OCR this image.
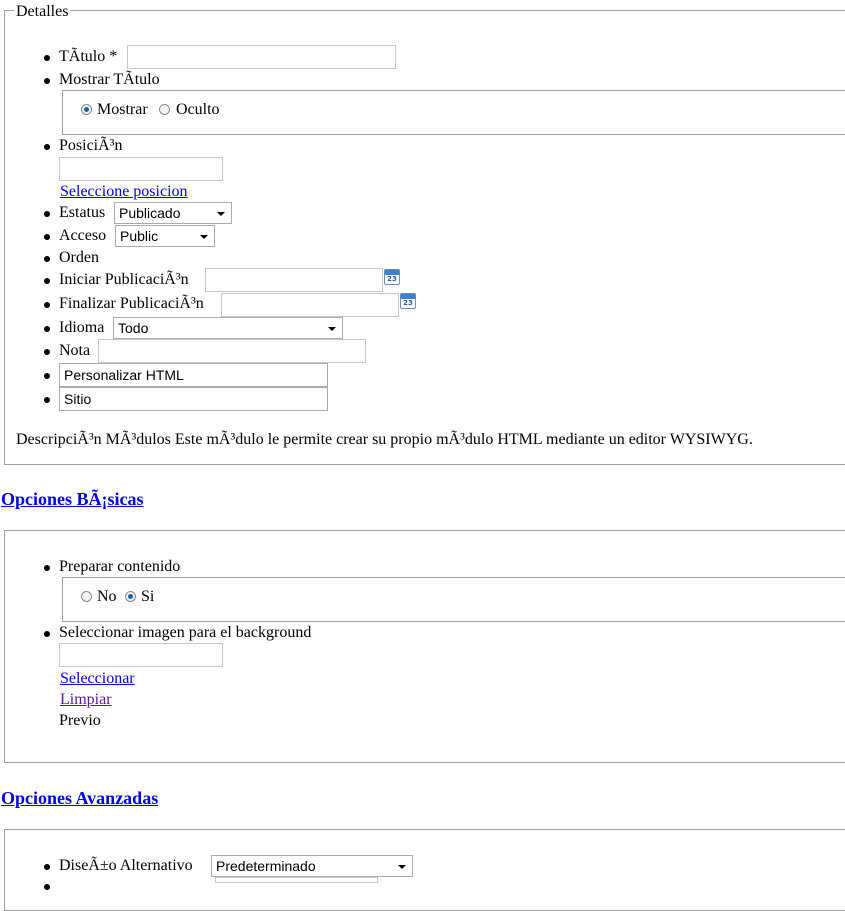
Detalles
TÃtulo *
Mostrar TÃtulo
Mostrar Oculto
PosiciÃ³n
Seleccione posicion
Estatus Publicado
Acceso Public
Orden
Iniciar PublicaciÃ³n	23
Finalizar PublicaciÃ³n	23
Idioma Todo
Nota
Personalizar HTML
Sitio
DescripciÃ³n MÃ³dulos Este mÃ³dulo le permite crear su propio mÃ³dulo HTML mediante un editor WYSIWYG.
Opciones BÃ¡sicas
Preparar contenido
No Si
Seleccionar imagen para el background
Seleccionar
Limpiar
Previo
Opciones Avanzadas
DiseÃ±o Alternativo	Predeterminado
